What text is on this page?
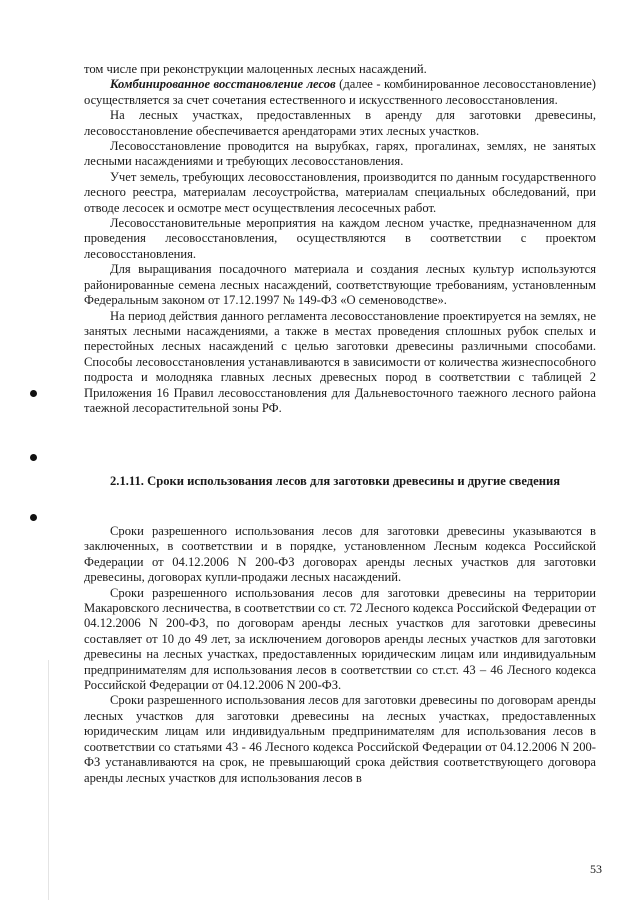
том числе при реконструкции малоценных лесных насаждений.

Комбинированное восстановление лесов (далее - комбинированное лесовосстановление) осуществляется за счет сочетания естественного и искусственного лесовосстановления.

На лесных участках, предоставленных в аренду для заготовки древесины, лесовосстановление обеспечивается арендаторами этих лесных участков.

Лесовосстановление проводится на вырубках, гарях, прогалинах, землях, не занятых лесными насаждениями и требующих лесовосстановления.

Учет земель, требующих лесовосстановления, производится по данным государственного лесного реестра, материалам лесоустройства, материалам специальных обследований, при отводе лесосек и осмотре мест осуществления лесосечных работ.

Лесовосстановительные мероприятия на каждом лесном участке, предназначенном для проведения лесовосстановления, осуществляются в соответствии с проектом лесовосстановления.

Для выращивания посадочного материала и создания лесных культур используются районированные семена лесных насаждений, соответствующие требованиям, установленным Федеральным законом от 17.12.1997 № 149-ФЗ «О семеноводстве».

На период действия данного регламента лесовосстановление проектируется на землях, не занятых лесными насаждениями, а также в местах проведения сплошных рубок спелых и перестойных лесных насаждений с целью заготовки древесины различными способами. Способы лесовосстановления устанавливаются в зависимости от количества жизнеспособного подроста и молодняка главных лесных древесных пород в соответствии с таблицей 2 Приложения 16 Правил лесовосстановления для Дальневосточного таежного лесного района таежной лесорастительной зоны РФ.

2.1.11. Сроки использования лесов для заготовки древесины и другие сведения

Сроки разрешенного использования лесов для заготовки древесины указываются в заключенных, в соответствии и в порядке, установленном Лесным кодекса Российской Федерации от 04.12.2006 N 200-ФЗ договорах аренды лесных участков для заготовки древесины, договорах купли-продажи лесных насаждений.

Сроки разрешенного использования лесов для заготовки древесины на территории Макаровского лесничества, в соответствии со ст. 72 Лесного кодекса Российской Федерации от 04.12.2006 N 200-ФЗ, по договорам аренды лесных участков для заготовки древесины составляет от 10 до 49 лет, за исключением договоров аренды лесных участков для заготовки древесины на лесных участках, предоставленных юридическим лицам или индивидуальным предпринимателям для использования лесов в соответствии со ст.ст. 43 – 46 Лесного кодекса Российской Федерации от 04.12.2006 N 200-ФЗ.

Сроки разрешенного использования лесов для заготовки древесины по договорам аренды лесных участков для заготовки древесины на лесных участках, предоставленных юридическим лицам или индивидуальным предпринимателям для использования лесов в соответствии со статьями 43 - 46 Лесного кодекса Российской Федерации от 04.12.2006 N 200-ФЗ устанавливаются на срок, не превышающий срока действия соответствующего договора аренды лесных участков для использования лесов в

53
